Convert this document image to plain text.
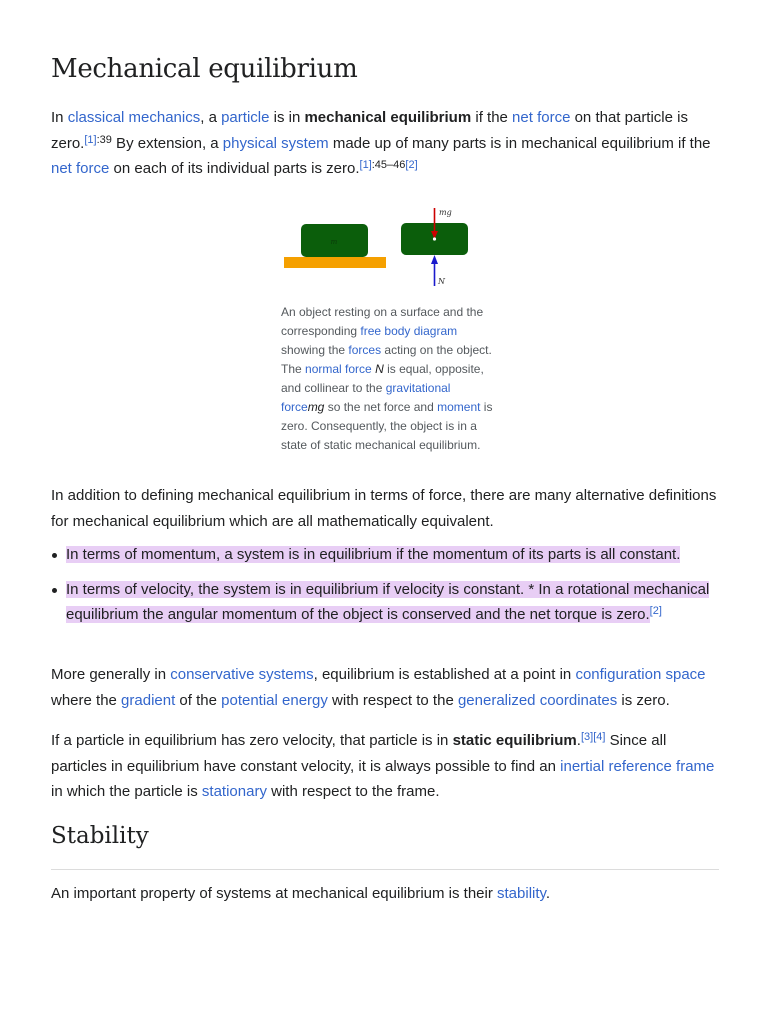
Mechanical equilibrium

In classical mechanics, a particle is in mechanical equilibrium if the net force on that particle is zero.$^{[1]:39}$ By extension, a physical system made up of many parts is in mechanical equilibrium if the net force on each of its individual parts is zero.[1]:45–46[2]

m
mg
N

An object resting on a surface and the corresponding free body diagram showing the forces acting on the object. The normal force N is equal, opposite, and collinear to the gravitational forcemg so the net force and moment is zero. Consequently, the object is in a state of static mechanical equilibrium.

In addition to defining mechanical equilibrium in terms of force, there are many alternative definitions for mechanical equilibrium which are all mathematically equivalent.

In terms of momentum, a system is in equilibrium if the momentum of its parts is all constant.
In terms of velocity, the system is in equilibrium if velocity is constant. * In a rotational mechanical equilibrium the angular momentum of the object is conserved and the net torque is zero.[2]

More generally in conservative systems, equilibrium is established at a point in configuration space where the gradient of the potential energy with respect to the generalized coordinates is zero.

If a particle in equilibrium has zero velocity, that particle is in static equilibrium.[3][4] Since all particles in equilibrium have constant velocity, it is always possible to find an inertial reference frame in which the particle is stationary with respect to the frame.

Stability

An important property of systems at mechanical equilibrium is their stability.
